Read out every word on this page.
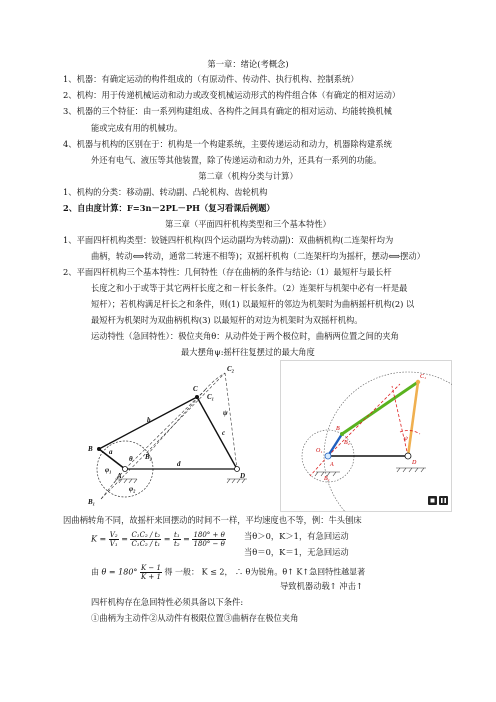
第一章：绪论(考概念)
1、机器：有确定运动的构件组成的（有原动件、传动件、执行机构、控制系统）
2、机构：用于传递机械运动和动力或改变机械运动形式的构件组合体（有确定的相对运动）
3、机器的三个特征：由一系列构建组成、各构件之间具有确定的相对运动、均能转换机械
能或完成有用的机械功。
4、机器与机构的区别在于：机构是一个构建系统，主要传递运动和动力，机器除构建系统
外还有电气、液压等其他装置，除了传递运动和动力外，还具有一系列的功能。
第二章（机构分类与计算）
1、机构的分类：移动副、转动副、凸轮机构、齿轮机构
2、自由度计算：F=3n－2PL－PH（复习看课后例题）
第三章（平面四杆机构类型和三个基本特性）
1、平面四杆机构类型：铰链四杆机构(四个运动副均为转动副)：双曲柄机构(二连架杆均为
曲柄，转动⟺转动，通常二转速不相等)；双摇杆机构（二连架杆均为摇杆，摆动⟺摆动）
2、平面四杆机构三个基本特性：几何特性（存在曲柄的条件与结论:（1）最短杆与最长杆
长度之和小于或等于其它两杆长度之和－杆长条件。（2）连架杆与机架中必有一杆是最
短杆）；若机构满足杆长之和条件，则(1) 以最短杆的邻边为机架时为曲柄摇杆机构(2) 以
最短杆为机架时为双曲柄机构(3) 以最短杆的对边为机架时为双摇杆机构。
运动特性（急回特性）：极位夹角θ：从动件处于两个极位时，曲柄两位置之间的夹角
最大摆角ψ:摇杆往复摆过的最大角度
B
C
C₁
C₂
b
c
a
ψ
B₁
B₂
A
d
D
θ
φ₂
φ₁
C₁
B₁
B₂
O₁
ψ
A
B
D
因曲柄转角不同，故摇杆来回摆动的时间不一样，平均速度也不等，例：牛头刨床
$K = \frac{\text{V₂}}{\text{V₁}} = \frac{\text{C₁C₂ / t₂}}{\text{C₁C₂ / t₁}} = \frac{\text{t₁}}{\text{t₂}} = \frac{180^\circ + \theta}{180^\circ - \theta}$ 当θ＞0，K＞1，有急回运动
当θ＝0，K＝1，无急回运动
由 $\theta = 180^\circ \frac{K - 1}{K + 1}$ 得 一般： K ≤ 2， ∴ θ为锐角。θ↑ K↑急回特性越显著
导致机器动载↑ 冲击↑
四杆机构存在急回特性必须具备以下条件:
①曲柄为主动件②从动件有极限位置③曲柄存在极位夹角
